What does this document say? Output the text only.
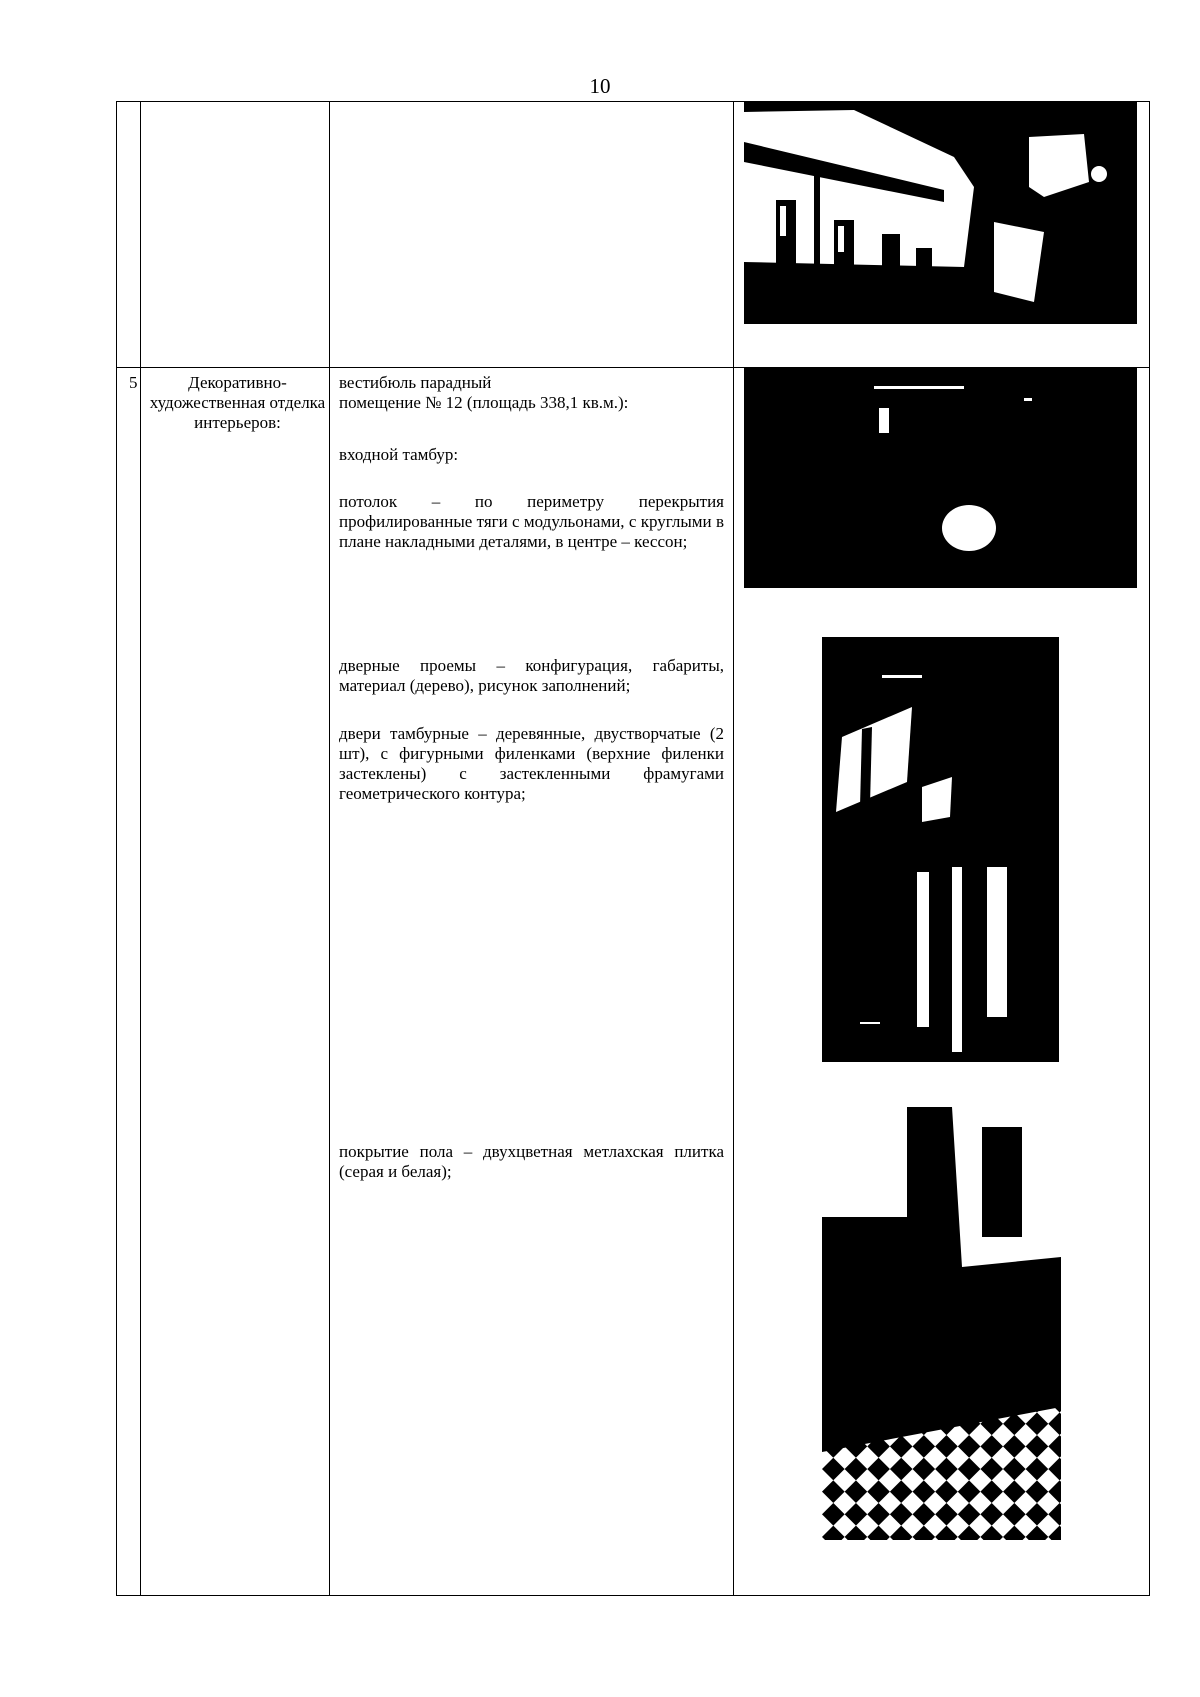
10
5	Декоративно-художественная отделка интерьеров:
вестибюль парадный
помещение № 12 (площадь 338,1 кв.м.):
входной тамбур:
потолок – по периметру перекрытия профилированные тяги с модульонами, с круглыми в плане накладными деталями, в центре – кессон;
дверные проемы – конфигурация, габариты, материал (дерево), рисунок заполнений;
двери тамбурные – деревянные, двустворчатые (2 шт), с фигурными филенками (верхние филенки застеклены) с застекленными фрамугами геометрического контура;
покрытие пола – двухцветная метлахская плитка (серая и белая);
